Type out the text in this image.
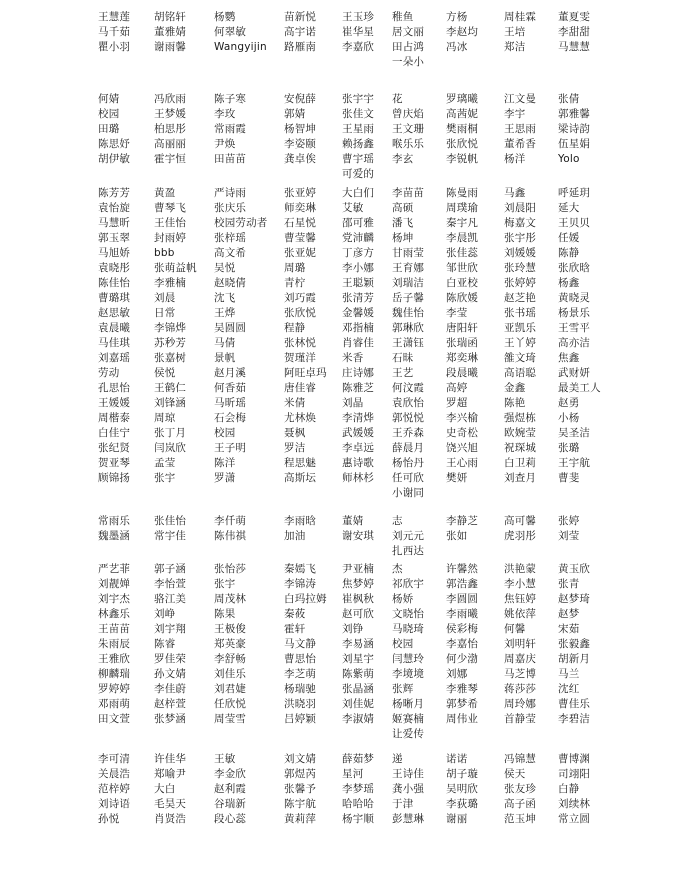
王慧莲 胡铭轩	杨鹦	苗新悦 王玉珍 稚鱼	方杨	周桂霖 董夏雯
马千茹 董雅婧	何翠敏	高宇诺 崔华星 居文丽 李赵均 王培	李甜甜
瞿小羽 谢雨馨	Wangyijin 路雁南 李嘉欣 田占鸿 冯冰	郑洁	马慧慧
一朵小
何婧	冯欣雨	陈子寒	安倪薛 张宇宇 花	罗璃曦 江文曼 张倩
校园	王梦媛	李玫	郭婧	张佳文 曾庆焰 高茜妮 李宇	郭雅馨
田璐	柏思彤	常雨霞	杨智坤 王星雨 王文珊 樊雨桐 王思雨 梁诗韵
陈思妤 高丽丽	尹焕	李姿颐 赖扬鑫 喉乐乐 张欣悦 董希香 伍星娟
胡伊敏 霍宇恒	田苗苗	龚卓俟 曹宇瑶 李玄	李锐帆 杨洋	Yolo
可爱的
陈芳芳 黄盈	严诗雨	张亚婷 大白们 李苗苗 陈曼雨 马鑫	呼延玥
袁怡旋 曹琴飞	张庆乐	师奕琳 艾敏	高硕	周璞瑜 刘晨阳 延大
马慧昕 王佳怡	校园劳动者 石星悦 邵可雅 潘飞	秦宇凡 梅嘉文 王贝贝
郭玉翠 封雨婷	张梓瑶	曹莹馨 党沛麟 杨坤	李晨凯 张宇彤 任媛
马旭娇 bbb	高文希	张亚妮 丁彦方 甘雨莹 张佳蕊 刘媛媛 陈静
袁晓彤 张萌益帆 吴悦	周璐	李小娜 王育娜 邹世欣 张玲慧 张欣晗
陈佳怡 李雅楠	赵晓倩	青柠	王聪颖 刘瑞洁 白亚校 张婷婷 杨鑫
曹璐琪 刘晨	沈飞	刘巧霞 张清芳 岳子馨 陈欣媛 赵芝艳 黄晓灵
赵思敏 日常	王烨	张欣悦 金馨媛 魏佳怡 李莹	张书瑶 杨景乐
袁晨曦 李锦烨	吴圆圆	程静	邓指楠 郭琳欣 唐阳轩 亚凯乐 王雪平
马佳琪 苏秒芳	马倩	张林悦 肖睿佳 王潇钰 张瑞函 王丫婷 高亦洁
刘嘉瑶 张嘉树	景帆	贺瑾洋 米香	石昧	郑奕琳 雒文琦 焦鑫
劳动	侯悦	赵月溪	阿旺卓玛 庄诗娜 王艺	段晨曦 高语聪 武财妍
孔思怡 王鹤仁	何香茹	唐佳睿 陈雅芝 何汶霞 高婷	金鑫	最美工人
王媛媛 刘锋涵	马昕瑶	米倩	刘晶	袁欣怡 罗超	陈艳	赵勇
周楷泰 周琼	石会梅	尤林焕 李清烨 郭悦悦 李兴榆 强煜栋 小杨
白佳宁 张丁月	校园	聂枫	武媛媛 王乔森 史奇松 欧婉莹 吴圣洁
张纪贤 闫岚欣	王子明	罗洁	李卓远 薛晨月 饶兴旭 祝琛城 张璐
贺亚琴 孟莹	陈洋	程思魅 惠诗歌 杨怡丹 王心雨 白卫莉 王宇航
顾锦扬 张宇	罗潇	高斯坛 师林杉 任可欣 樊妍	刘查月 曹斐
小谢同
常雨乐 张佳怡	李仟萌	李雨晗 董婧	志	李静芝 高可馨 张婷
魏墨涵 常宇佳	陈伟祺	加油	谢安琪 刘元元 张如	虎羽彤 刘莹
扎西达
严艺菲 郭子涵	张怡莎	秦嫣飞 尹亚楠 杰	许馨然 洪艳蒙 黄玉欣
刘靓婵 李怡萱	张宇	李锦涛 焦梦婷 祁欣宇 郭浩鑫 李小慧 张青
刘宇杰 骆江美	周茂林	白玛拉姆 崔枫秋 杨娇	李圆圆 焦钰婷 赵梦琦
林鑫乐 刘峥	陈果	秦莜	赵可欣 文晓怡 李雨曦 姚依萍 赵梦
王苗苗 刘宇翔	王极俊	霍轩	刘铮	马晓琦 侯彩梅 何馨	宋茹
朱雨辰 陈睿	郑英豪	马文静 李易涵 校园	李嘉怡 刘明轩 张毅鑫
王雅欣 罗佳荣	李舒畅	曹思怡 刘星宇 闫慧玲 何少渤 周嘉庆 胡新月
柳麟瑞 孙文婧	刘佳乐	李芝萌 陈紫萌 李境境 刘娜	马芝博 马兰
罗婷婷 李佳蔚	刘君婕	杨瑞驰 张晶涵 张辉	李雅琴 蒋莎莎 沈红
邓雨萌 赵梓萱	任欣悦	洪晓羽 刘佳妮 杨晰月 郭梦希 周玲娜 曹佳乐
田文萱 张梦涵	周莹雪	吕婷颖 李淑婧 姬赛楠 周伟业 首静莹 李碧洁
让爱传
李可清 许佳华	王敏	刘文婧 薛茹梦 递	诺诺	冯锦慧 曹博渊
关晨浩 郑喻尹	李金欣	郭煜芮 星河	王诗佳 胡子璇 侯天	司翊阳
范梓婷 大白	赵利霞	张馨予 李梦瑶 龚小强 吴明欣 张友珍 白静
刘诗语 毛昊天	谷瑞新	陈宇航 哈哈哈 于津	李荻璐 高子函 刘续林
孙悦	肖贤浩	段心蕊	黄莉萍 杨宇顺 彭慧琳 谢丽	范玉坤 常立圆
